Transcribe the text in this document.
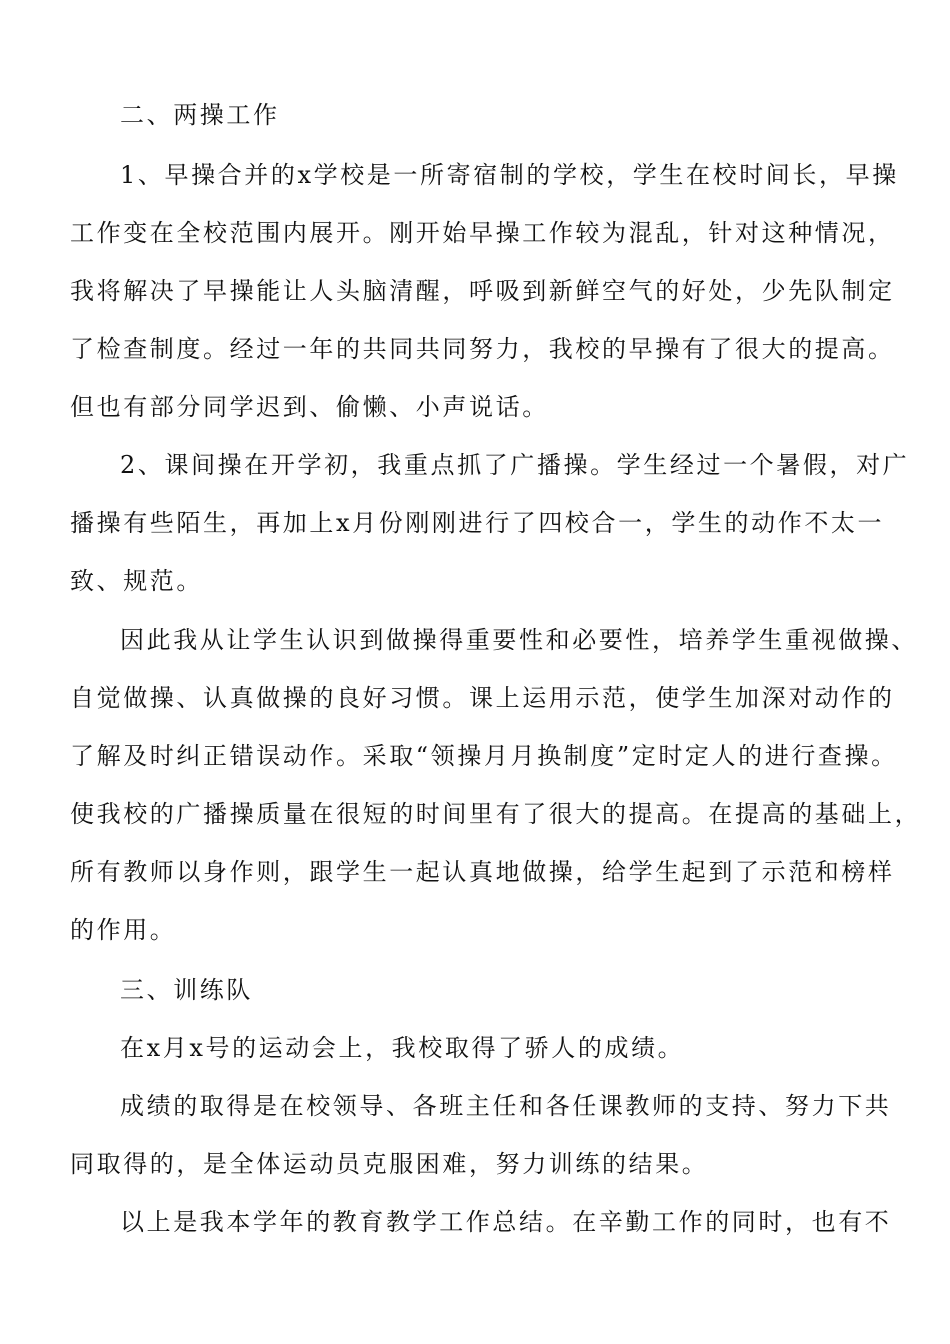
二、两操工作
1、早操合并的x学校是一所寄宿制的学校，学生在校时间长，早操
工作变在全校范围内展开。刚开始早操工作较为混乱，针对这种情况，
我将解决了早操能让人头脑清醒，呼吸到新鲜空气的好处，少先队制定
了检查制度。经过一年的共同共同努力，我校的早操有了很大的提高。
但也有部分同学迟到、偷懒、小声说话。
2、课间操在开学初，我重点抓了广播操。学生经过一个暑假，对广
播操有些陌生，再加上x月份刚刚进行了四校合一，学生的动作不太一
致、规范。
因此我从让学生认识到做操得重要性和必要性，培养学生重视做操、
自觉做操、认真做操的良好习惯。课上运用示范，使学生加深对动作的
了解及时纠正错误动作。采取“领操月月换制度”定时定人的进行查操。
使我校的广播操质量在很短的时间里有了很大的提高。在提高的基础上，
所有教师以身作则，跟学生一起认真地做操，给学生起到了示范和榜样
的作用。
三、训练队
在x月x号的运动会上，我校取得了骄人的成绩。
成绩的取得是在校领导、各班主任和各任课教师的支持、努力下共
同取得的，是全体运动员克服困难，努力训练的结果。
以上是我本学年的教育教学工作总结。在辛勤工作的同时，也有不
